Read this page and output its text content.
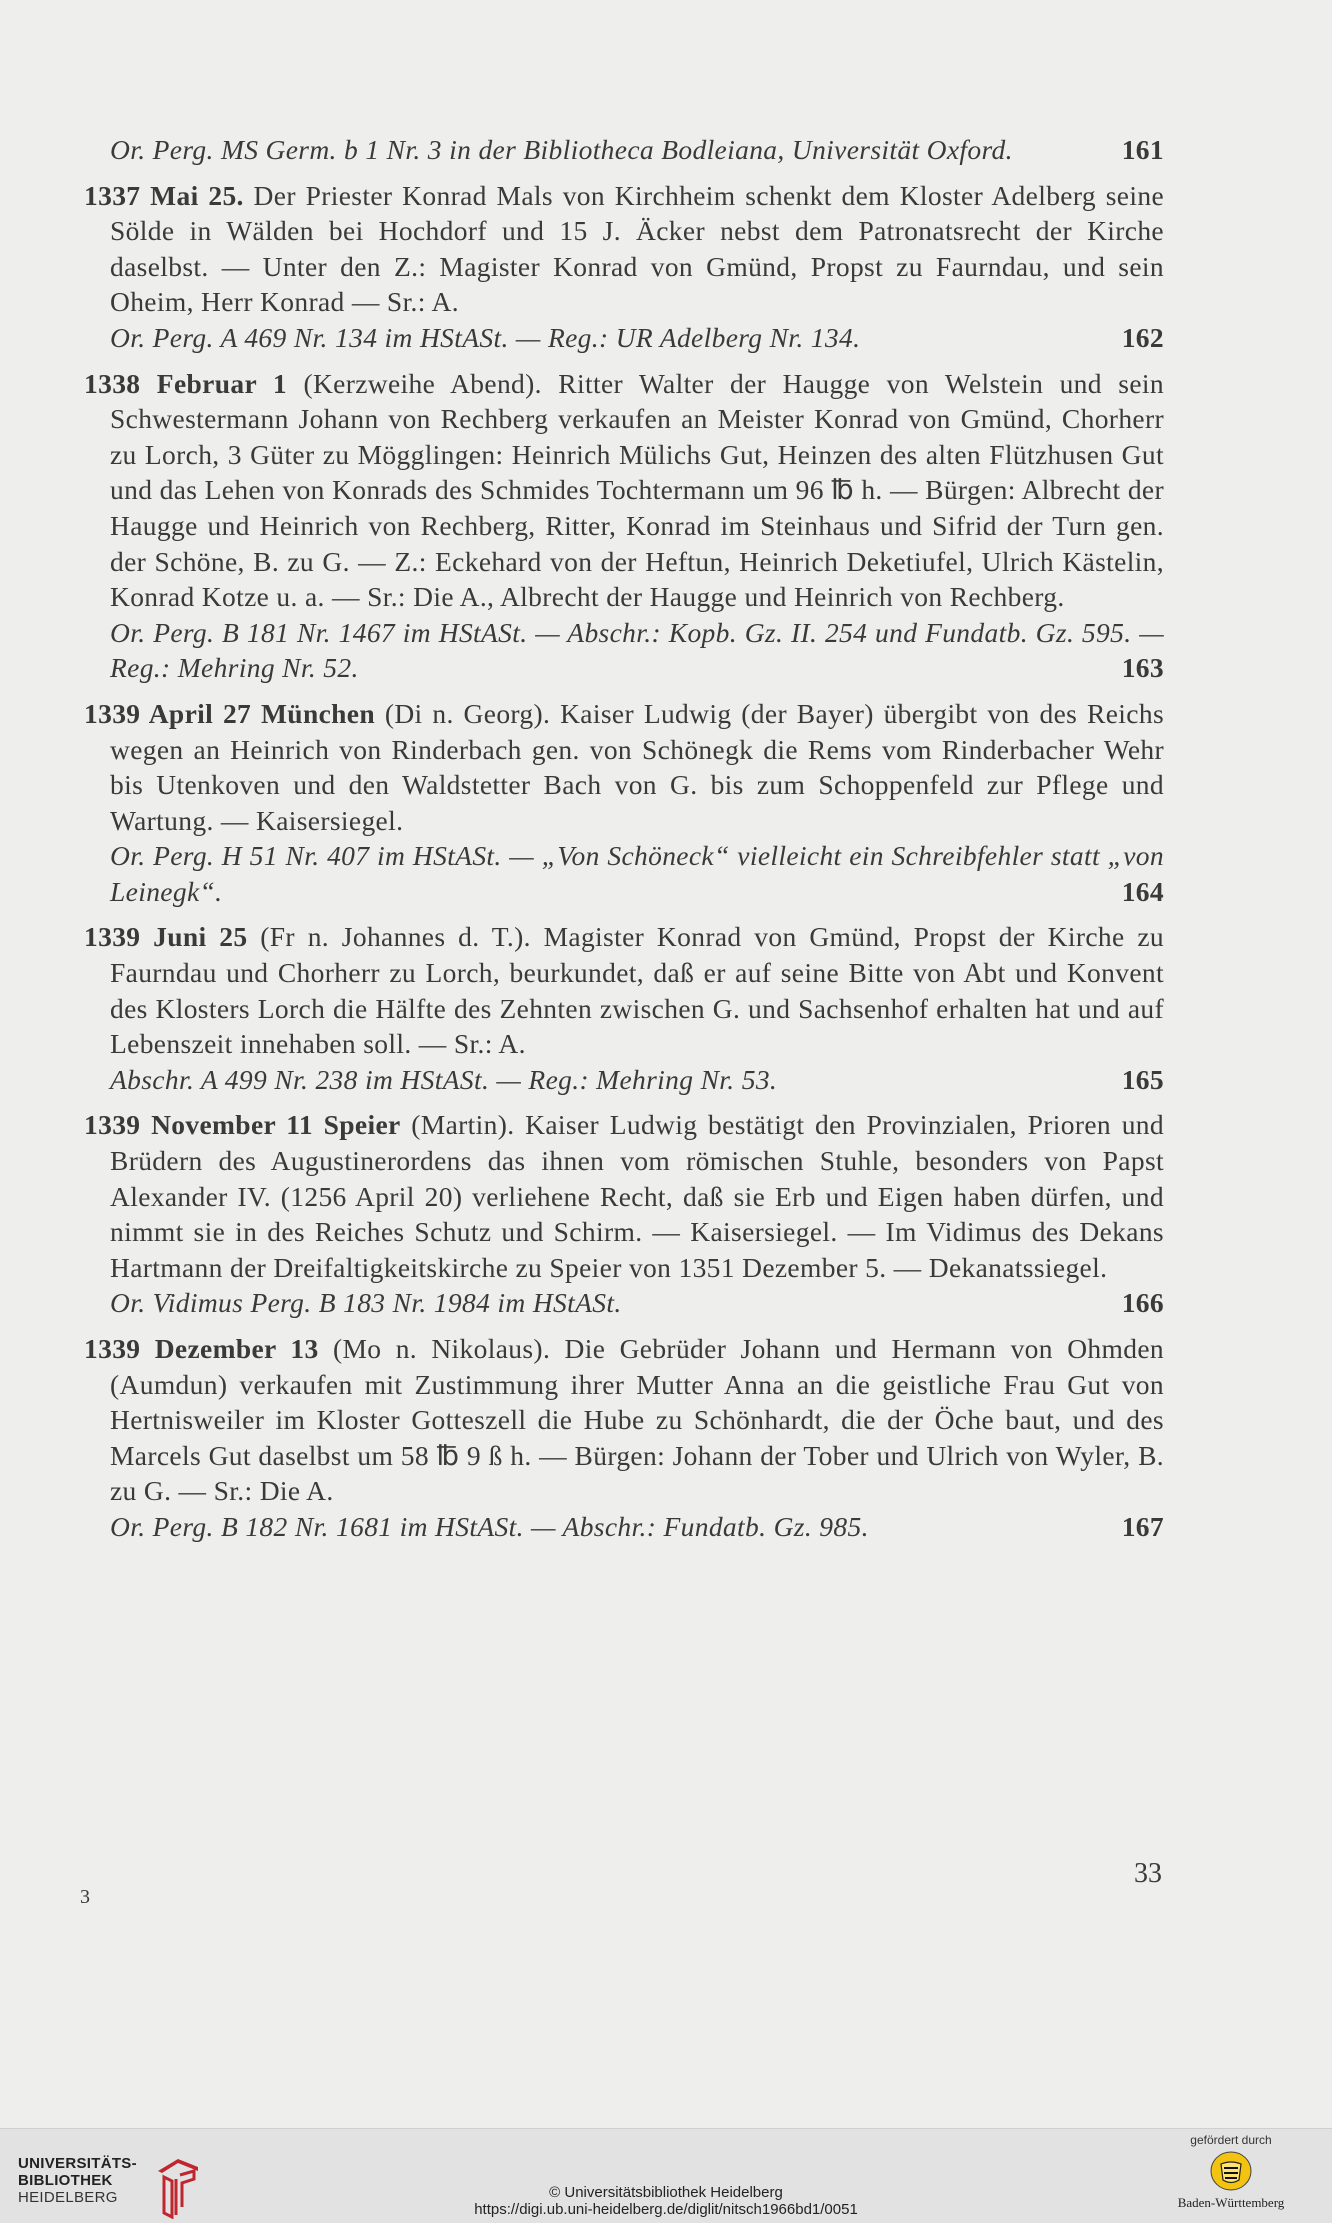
Or. Perg. MS Germ. b 1 Nr. 3 in der Bibliotheca Bodleiana, Universität Oxford.	161

1337 Mai 25. Der Priester Konrad Mals von Kirchheim schenkt dem Kloster Adelberg seine Sölde in Wälden bei Hochdorf und 15 J. Äcker nebst dem Patronatsrecht der Kirche daselbst. — Unter den Z.: Magister Konrad von Gmünd, Propst zu Faurndau, und sein Oheim, Herr Konrad — Sr.: A.

Or. Perg. A 469 Nr. 134 im HStASt. — Reg.: UR Adelberg Nr. 134.	162

1338 Februar 1 (Kerzweihe Abend). Ritter Walter der Haugge von Welstein und sein Schwestermann Johann von Rechberg verkaufen an Meister Konrad von Gmünd, Chorherr zu Lorch, 3 Güter zu Mögglingen: Heinrich Mülichs Gut, Heinzen des alten Flützhusen Gut und das Lehen von Konrads des Schmides Tochtermann um 96 ℔ h. — Bürgen: Albrecht der Haugge und Heinrich von Rechberg, Ritter, Konrad im Steinhaus und Sifrid der Turn gen. der Schöne, B. zu G. — Z.: Eckehard von der Heftun, Heinrich Deketiufel, Ulrich Kästelin, Konrad Kotze u. a. — Sr.: Die A., Albrecht der Haugge und Heinrich von Rechberg.

Or. Perg. B 181 Nr. 1467 im HStASt. — Abschr.: Kopb. Gz. II. 254 und Fundatb. Gz. 595. — Reg.: Mehring Nr. 52.	163

1339 April 27 München (Di n. Georg). Kaiser Ludwig (der Bayer) übergibt von des Reichs wegen an Heinrich von Rinderbach gen. von Schönegk die Rems vom Rinderbacher Wehr bis Utenkoven und den Waldstetter Bach von G. bis zum Schoppenfeld zur Pflege und Wartung. — Kaisersiegel.

Or. Perg. H 51 Nr. 407 im HStASt. — „Von Schöneck“ vielleicht ein Schreibfehler statt „von Leinegk“.	164

1339 Juni 25 (Fr n. Johannes d. T.). Magister Konrad von Gmünd, Propst der Kirche zu Faurndau und Chorherr zu Lorch, beurkundet, daß er auf seine Bitte von Abt und Konvent des Klosters Lorch die Hälfte des Zehnten zwischen G. und Sachsenhof erhalten hat und auf Lebenszeit innehaben soll. — Sr.: A.

Abschr. A 499 Nr. 238 im HStASt. — Reg.: Mehring Nr. 53.	165

1339 November 11 Speier (Martin). Kaiser Ludwig bestätigt den Provinzialen, Prioren und Brüdern des Augustinerordens das ihnen vom römischen Stuhle, besonders von Papst Alexander IV. (1256 April 20) verliehene Recht, daß sie Erb und Eigen haben dürfen, und nimmt sie in des Reiches Schutz und Schirm. — Kaisersiegel. — Im Vidimus des Dekans Hartmann der Dreifaltigkeitskirche zu Speier von 1351 Dezember 5. — Dekanatssiegel.

Or. Vidimus Perg. B 183 Nr. 1984 im HStASt.	166

1339 Dezember 13 (Mo n. Nikolaus). Die Gebrüder Johann und Hermann von Ohmden (Aumdun) verkaufen mit Zustimmung ihrer Mutter Anna an die geistliche Frau Gut von Hertnisweiler im Kloster Gotteszell die Hube zu Schönhardt, die der Öche baut, und des Marcels Gut daselbst um 58 ℔ 9 ß h. — Bürgen: Johann der Tober und Ulrich von Wyler, B. zu G. — Sr.: Die A.

Or. Perg. B 182 Nr. 1681 im HStASt. — Abschr.: Fundatb. Gz. 985.	167

33
3
UNIVERSITÄTS-
BIBLIOTHEK
HEIDELBERG	© Universitätsbibliothek Heidelberg
https://digi.ub.uni-heidelberg.de/diglit/nitsch1966bd1/0051
gefördert durch
Baden-Württemberg
